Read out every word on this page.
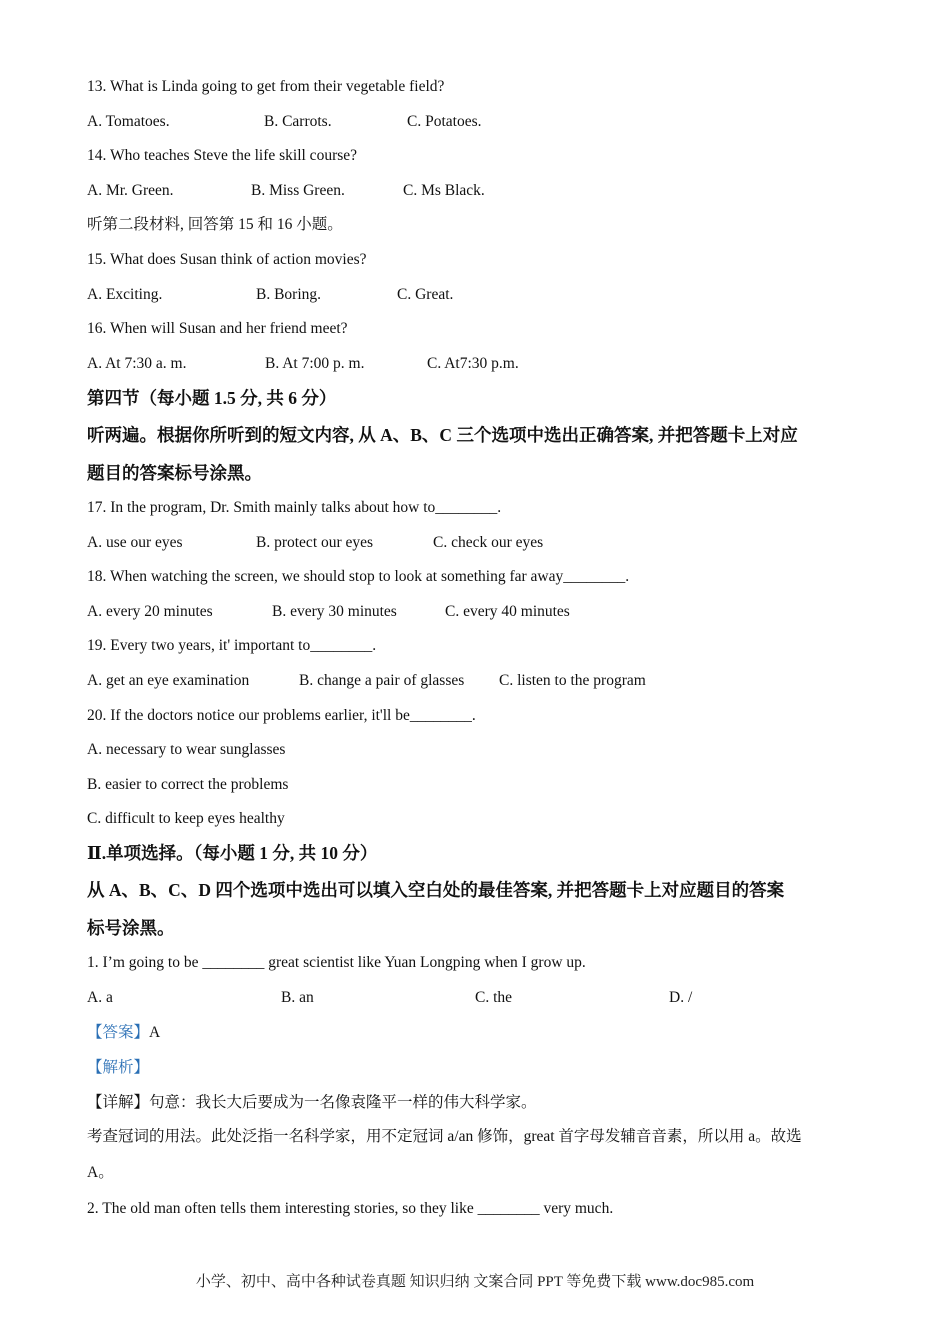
13. What is Linda going to get from their vegetable field?
A. Tomatoes.	B. Carrots.	C. Potatoes.
14. Who teaches Steve the life skill course?
A. Mr. Green.	B. Miss Green.	C. Ms Black.
听第二段材料, 回答第 15 和 16 小题。
15. What does Susan think of action movies?
A. Exciting.	B. Boring.	C. Great.
16. When will Susan and her friend meet?
A. At 7:30 a. m.	B. At 7:00 p. m.	C. At7:30 p.m.
第四节（每小题 1.5 分, 共 6 分）
听两遍。根据你所听到的短文内容, 从 A、B、C 三个选项中选出正确答案, 并把答题卡上对应
题目的答案标号涂黑。
17. In the program, Dr. Smith mainly talks about how to________.
A. use our eyes	B. protect our eyes	C. check our eyes
18. When watching the screen, we should stop to look at something far away________.
A. every 20 minutes	B. every 30 minutes	C. every 40 minutes
19. Every two years, it' important to________.
A. get an eye examination	B. change a pair of glasses C. listen to the program
20. If the doctors notice our problems earlier, it'll be________.
A. necessary to wear sunglasses
B. easier to correct the problems
C. difficult to keep eyes healthy
Ⅱ.单项选择。（每小题 1 分, 共 10 分）
从 A、B、C、D 四个选项中选出可以填入空白处的最佳答案, 并把答题卡上对应题目的答案
标号涂黑。
1. I’m going to be ________ great scientist like Yuan Longping when I grow up.
A. a	B. an	C. the	D. /
【答案】A
【解析】
【详解】句意：我长大后要成为一名像袁隆平一样的伟大科学家。
考查冠词的用法。此处泛指一名科学家，用不定冠词 a/an 修饰，great 首字母发辅音音素，所以用 a。故选
A。
2. The old man often tells them interesting stories, so they like ________ very much.
小学、初中、高中各种试卷真题 知识归纳 文案合同 PPT 等免费下载 www.doc985.com
